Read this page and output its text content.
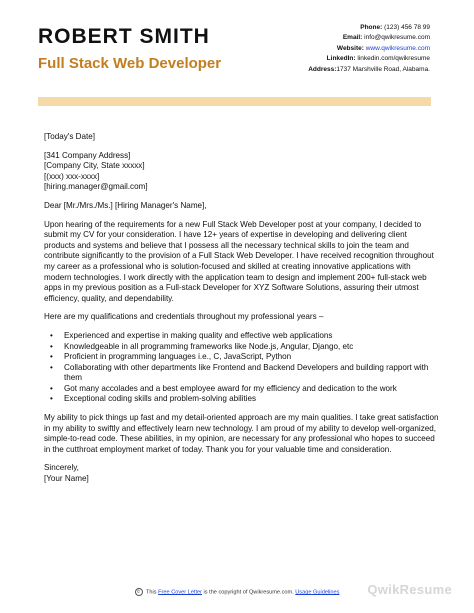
ROBERT SMITH
Full Stack Web Developer
Phone: (123) 456 78 99
Email: info@qwikresume.com
Website: www.qwikresume.com
LinkedIn: linkedin.com/qwikresume
Address:1737 Marshville Road, Alabama.

[Today's Date]

[341 Company Address]
[Company City, State xxxxx]
[(xxx) xxx-xxxx]
[hiring.manager@gmail.com]

Dear [Mr./Mrs./Ms.] [Hiring Manager's Name],

Upon hearing of the requirements for a new Full Stack Web Developer post at your company, I decided to submit my CV for your consideration. I have 12+ years of expertise in developing and delivering client products and systems and believe that I possess all the necessary technical skills to join the team and contribute significantly to the provision of a Full Stack Web Developer. I have received recognition throughout my career as a professional who is solution-focused and skilled at creating innovative applications with modern technologies. I work directly with the application team to design and implement 200+ full-stack web apps in my previous position as a Full-stack Developer for XYZ Software Solutions, assuring their utmost efficiency, quality, and dependability.

Here are my qualifications and credentials throughout my professional years –

• Experienced and expertise in making quality and effective web applications
• Knowledgeable in all programming frameworks like Node.js, Angular, Django, etc
• Proficient in programming languages i.e., C, JavaScript, Python
• Collaborating with other departments like Frontend and Backend Developers and building rapport with them
• Got many accolades and a best employee award for my efficiency and dedication to the work
• Exceptional coding skills and problem-solving abilities

My ability to pick things up fast and my detail-oriented approach are my main qualities. I take great satisfaction in my ability to swiftly and effectively learn new technology. I am proud of my ability to develop well-organized, simple-to-read code. These abilities, in my opinion, are necessary for any professional who hopes to succeed in the cutthroat employment market of today. Thank you for your valuable time and consideration.

Sincerely,
[Your Name]

© This Free Cover Letter is the copyright of Qwikresume.com. Usage Guidelines	QwikResume
